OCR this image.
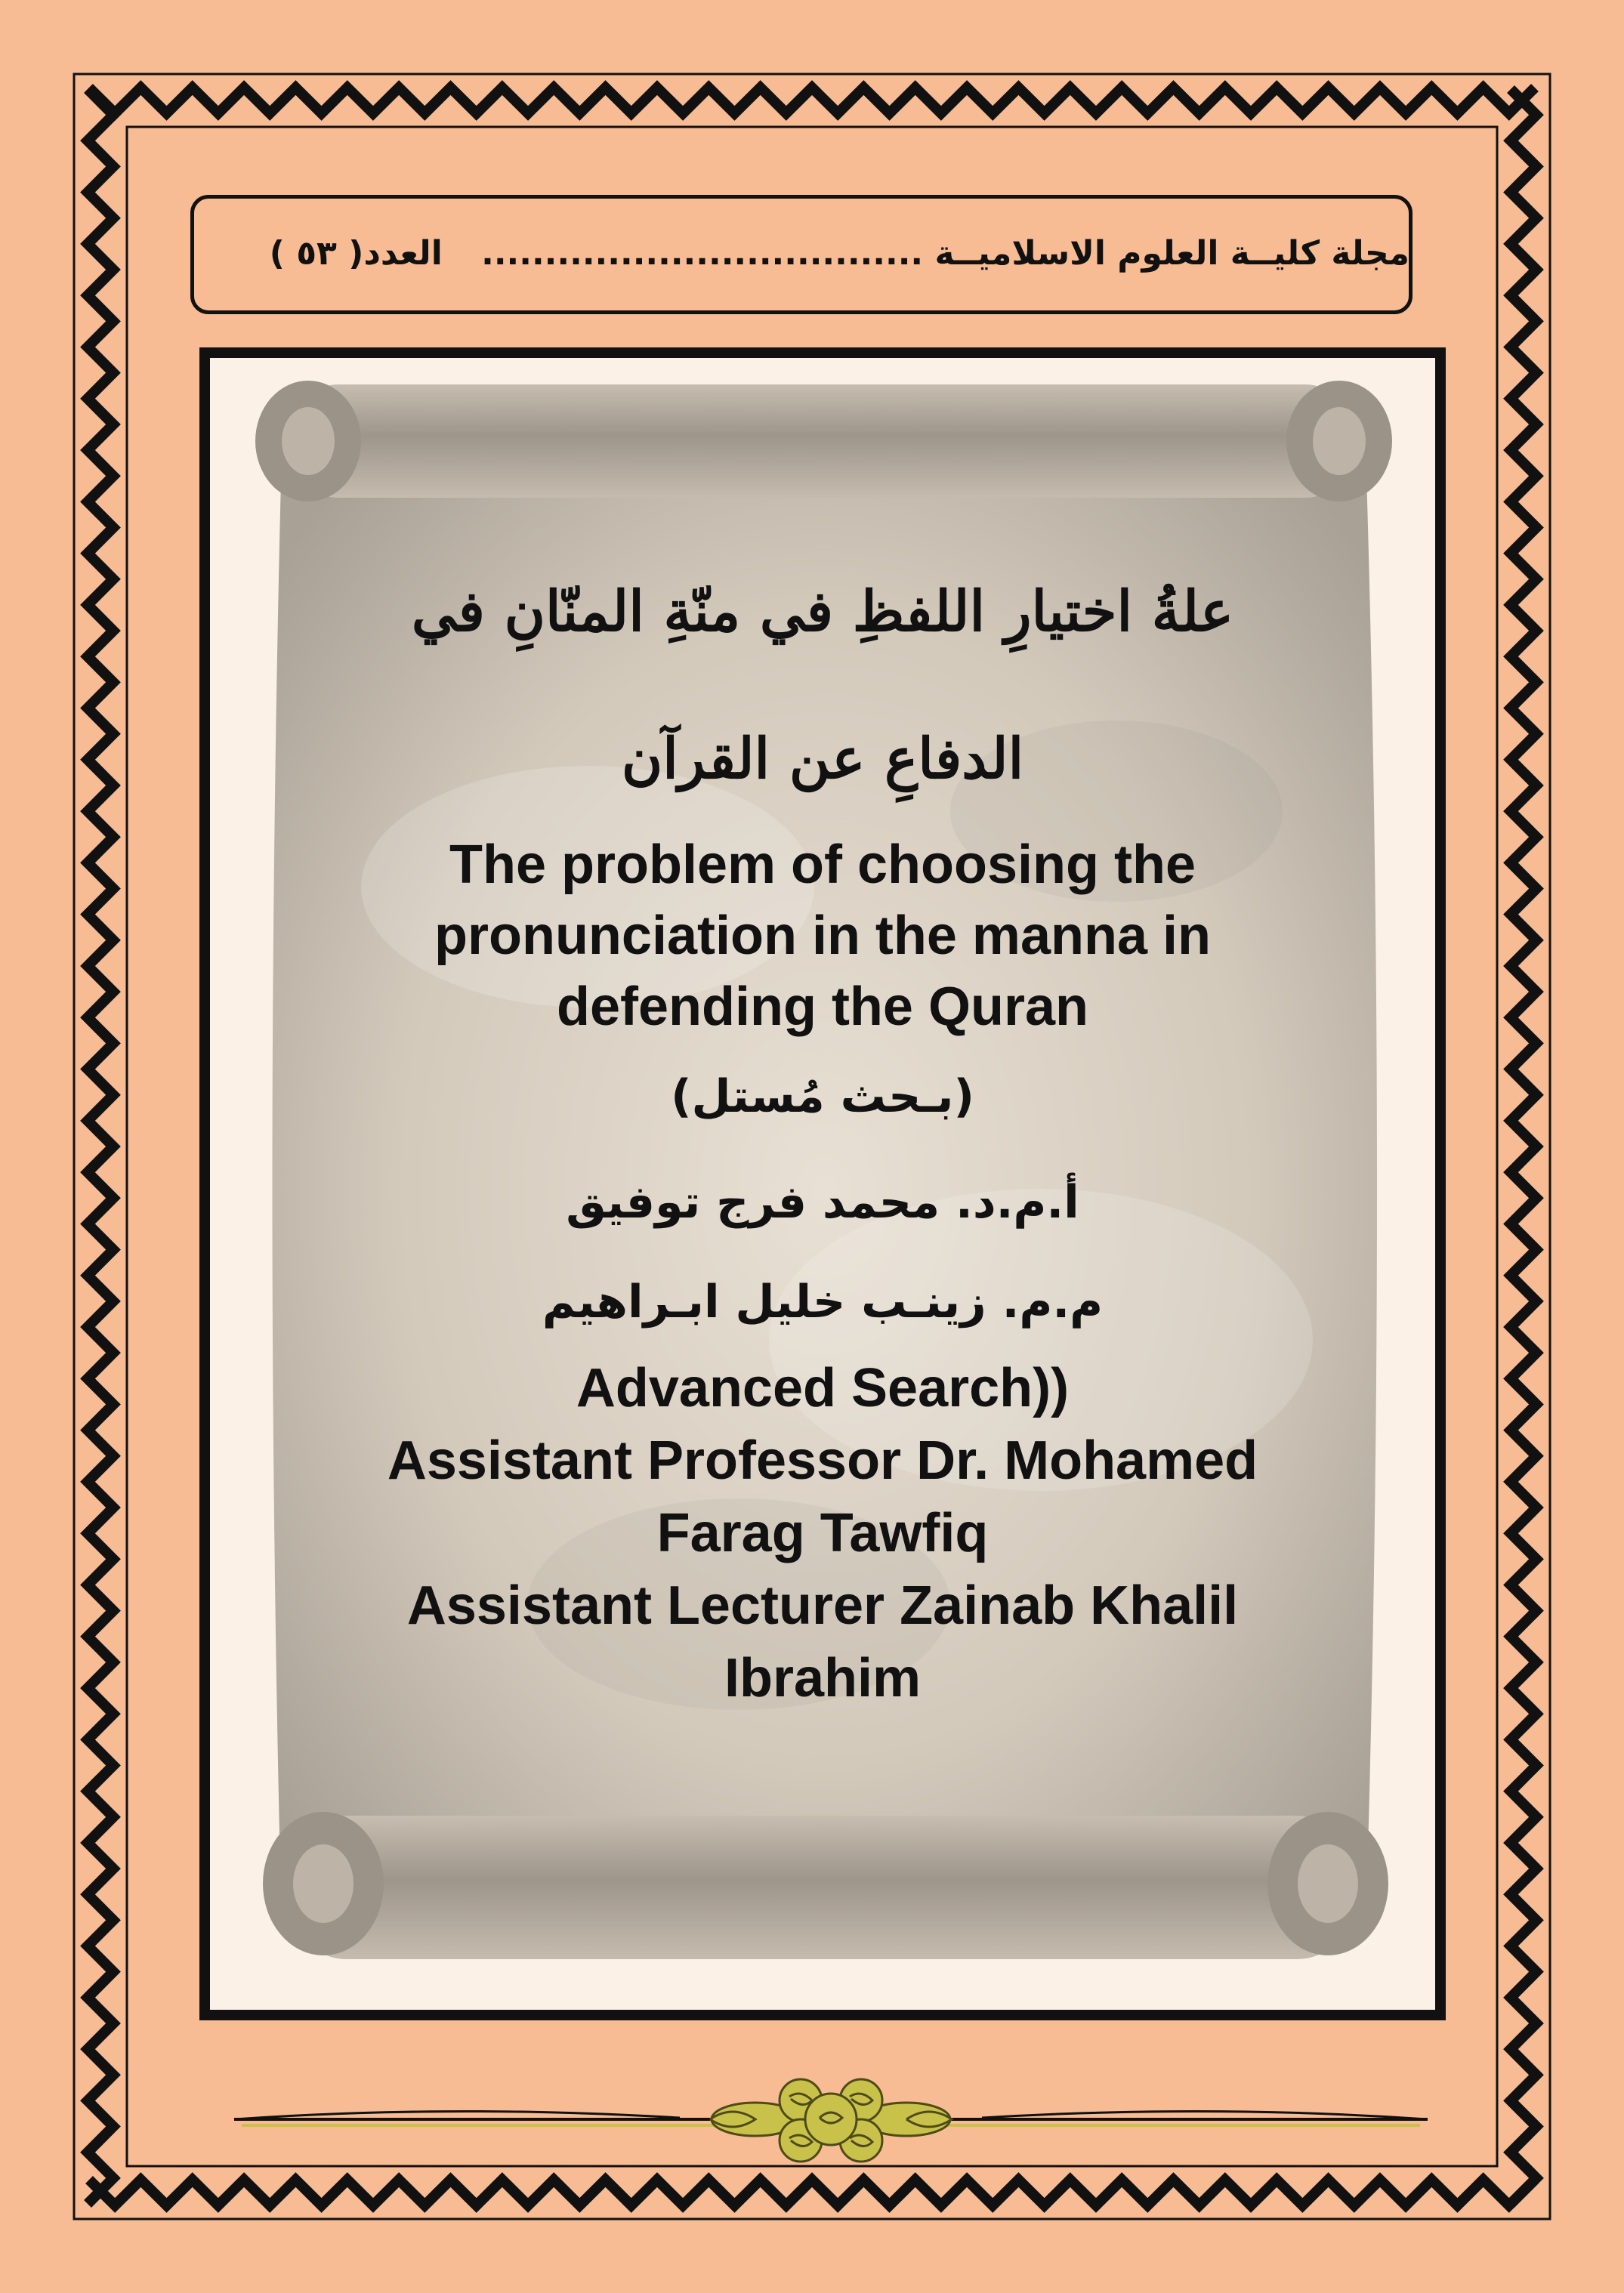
مجلة كليــة العلوم الاسلاميــة ................................... العدد( ٥٣ )
علةُ اختيارِ اللفظِ في منّةِ المنّانِ في
الدفاعِ عن القرآن
The problem of choosing the
pronunciation in the manna in
defending the Quran
(بـحث مُستل)
أ.م.د. محمد فرج توفيق
م.م. زينـب خليل ابـراهيم
Advanced Search))
Assistant Professor Dr. Mohamed
Farag Tawfiq
Assistant Lecturer Zainab Khalil
Ibrahim
